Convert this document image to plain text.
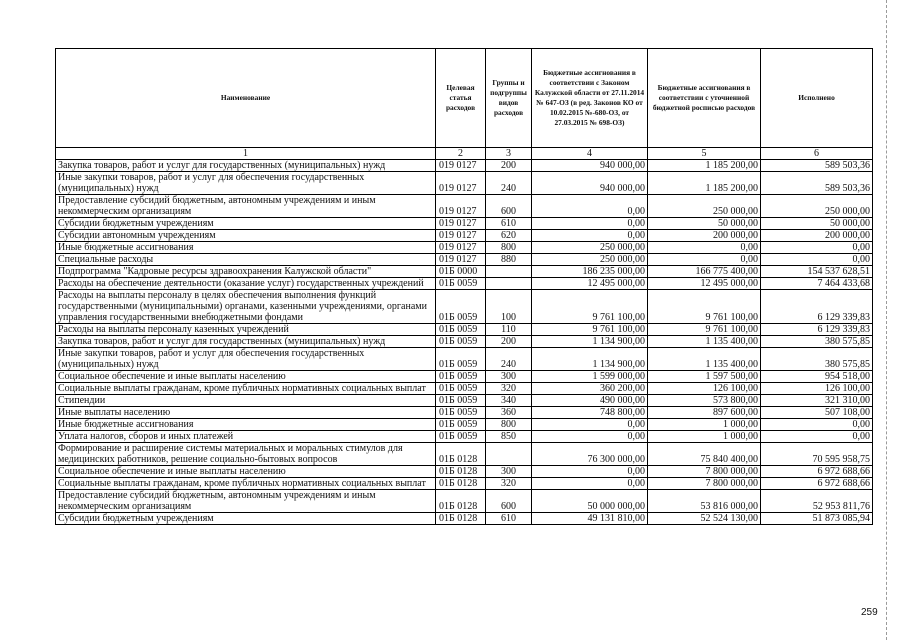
Наименование	Целевая статья расходов	Группы и подгруппы видов расходов	Бюджетные ассигнования в соответствии с Законом Калужской области от 27.11.2014 № 647-ОЗ (в ред. Законов КО от 10.02.2015 №-680-ОЗ, от 27.03.2015 № 698-ОЗ)	Бюджетные ассигнования в соответствии с уточненной бюджетной росписью расходов	Исполнено
1	2	3	4	5	6
Закупка товаров, работ и услуг для государственных (муниципальных) нужд	019 0127	200	940 000,00	1 185 200,00	589 503,36
Иные закупки товаров, работ и услуг для обеспечения государственных (муниципальных) нужд	019 0127	240	940 000,00	1 185 200,00	589 503,36
Предоставление субсидий бюджетным, автономным учреждениям и иным некоммерческим организациям	019 0127	600	0,00	250 000,00	250 000,00
Субсидии бюджетным учреждениям	019 0127	610	0,00	50 000,00	50 000,00
Субсидии автономным учреждениям	019 0127	620	0,00	200 000,00	200 000,00
Иные бюджетные ассигнования	019 0127	800	250 000,00	0,00	0,00
Специальные расходы	019 0127	880	250 000,00	0,00	0,00
Подпрограмма "Кадровые ресурсы здравоохранения Калужской области"	01Б 0000		186 235 000,00	166 775 400,00	154 537 628,51
Расходы на обеспечение деятельности (оказание услуг) государственных учреждений	01Б 0059		12 495 000,00	12 495 000,00	7 464 433,68
Расходы на выплаты персоналу в целях обеспечения выполнения функций государственными (муниципальными) органами, казенными учреждениями, органами управления государственными внебюджетными фондами	01Б 0059	100	9 761 100,00	9 761 100,00	6 129 339,83
Расходы на выплаты персоналу казенных учреждений	01Б 0059	110	9 761 100,00	9 761 100,00	6 129 339,83
Закупка товаров, работ и услуг для государственных (муниципальных) нужд	01Б 0059	200	1 134 900,00	1 135 400,00	380 575,85
Иные закупки товаров, работ и услуг для обеспечения государственных (муниципальных) нужд	01Б 0059	240	1 134 900,00	1 135 400,00	380 575,85
Социальное обеспечение и иные выплаты населению	01Б 0059	300	1 599 000,00	1 597 500,00	954 518,00
Социальные выплаты гражданам, кроме публичных нормативных социальных выплат	01Б 0059	320	360 200,00	126 100,00	126 100,00
Стипендии	01Б 0059	340	490 000,00	573 800,00	321 310,00
Иные выплаты населению	01Б 0059	360	748 800,00	897 600,00	507 108,00
Иные бюджетные ассигнования	01Б 0059	800	0,00	1 000,00	0,00
Уплата налогов, сборов и иных платежей	01Б 0059	850	0,00	1 000,00	0,00
Формирование и расширение системы материальных и моральных стимулов для медицинских работников, решение социально-бытовых вопросов	01Б 0128		76 300 000,00	75 840 400,00	70 595 958,75
Социальное обеспечение и иные выплаты населению	01Б 0128	300	0,00	7 800 000,00	6 972 688,66
Социальные выплаты гражданам, кроме публичных нормативных социальных выплат	01Б 0128	320	0,00	7 800 000,00	6 972 688,66
Предоставление субсидий бюджетным, автономным учреждениям и иным некоммерческим организациям	01Б 0128	600	50 000 000,00	53 816 000,00	52 953 811,76
Субсидии бюджетным учреждениям	01Б 0128	610	49 131 810,00	52 524 130,00	51 873 085,94
259
